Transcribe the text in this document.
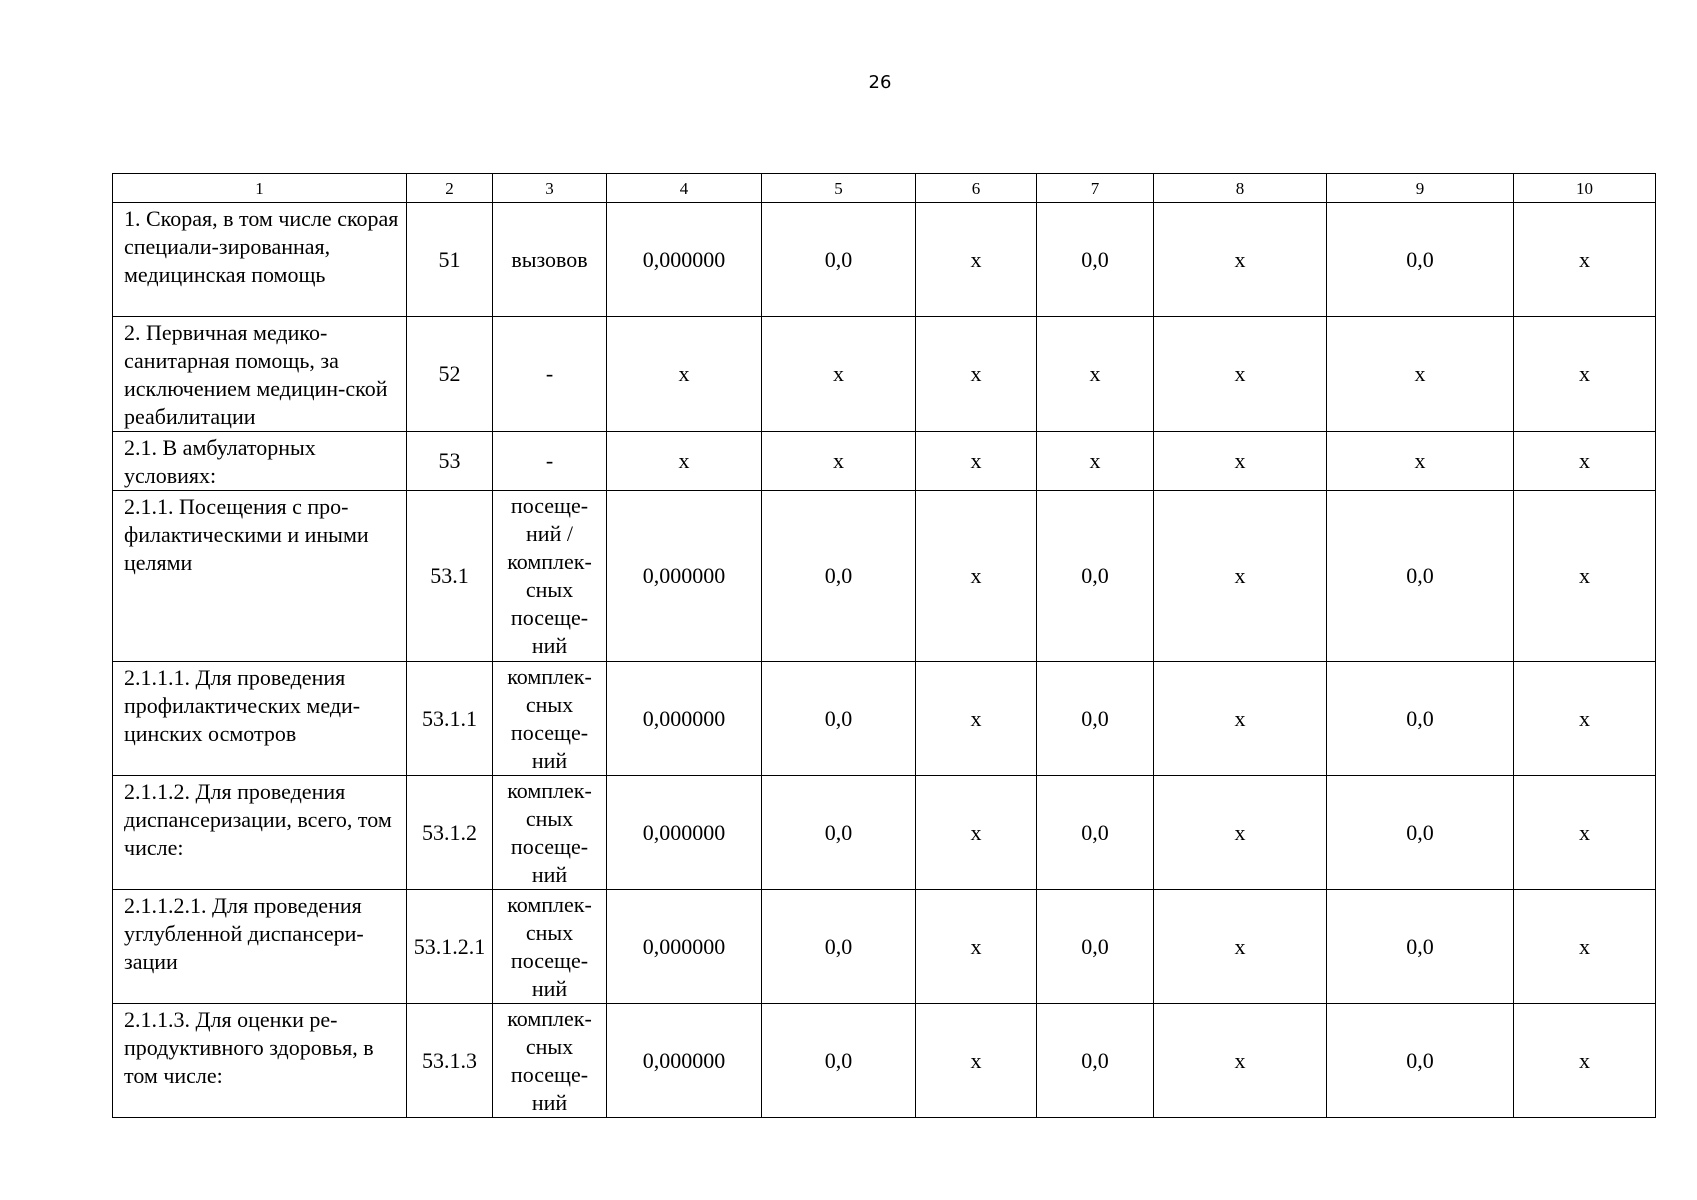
26
1	2	3	4	5	6	7	8	9	10
1. Скорая, в том числе скорая специали-зированная, медицинская помощь	51	вызовов	0,000000	0,0	х	0,0	х	0,0	х
2. Первичная медико-санитарная помощь, за исключением медицин-ской реабилитации	52	-	х	х	х	х	х	х	х
2.1. В амбулаторных условиях:	53	-	х	х	х	х	х	х	х
2.1.1. Посещения с про-филактическими и иными целями	53.1	посеще-ний / комплек-сных посеще-ний	0,000000	0,0	х	0,0	х	0,0	х
2.1.1.1. Для проведения профилактических меди-цинских осмотров	53.1.1	комплек-сных посеще-ний	0,000000	0,0	х	0,0	х	0,0	х
2.1.1.2. Для проведения диспансеризации, всего, том числе:	53.1.2	комплек-сных посеще-ний	0,000000	0,0	х	0,0	х	0,0	х
2.1.1.2.1. Для проведения углубленной диспансери-зации	53.1.2.1	комплек-сных посеще-ний	0,000000	0,0	х	0,0	х	0,0	х
2.1.1.3. Для оценки ре-продуктивного здоровья, в том числе:	53.1.3	комплек-сных посеще-ний	0,000000	0,0	х	0,0	х	0,0	х
